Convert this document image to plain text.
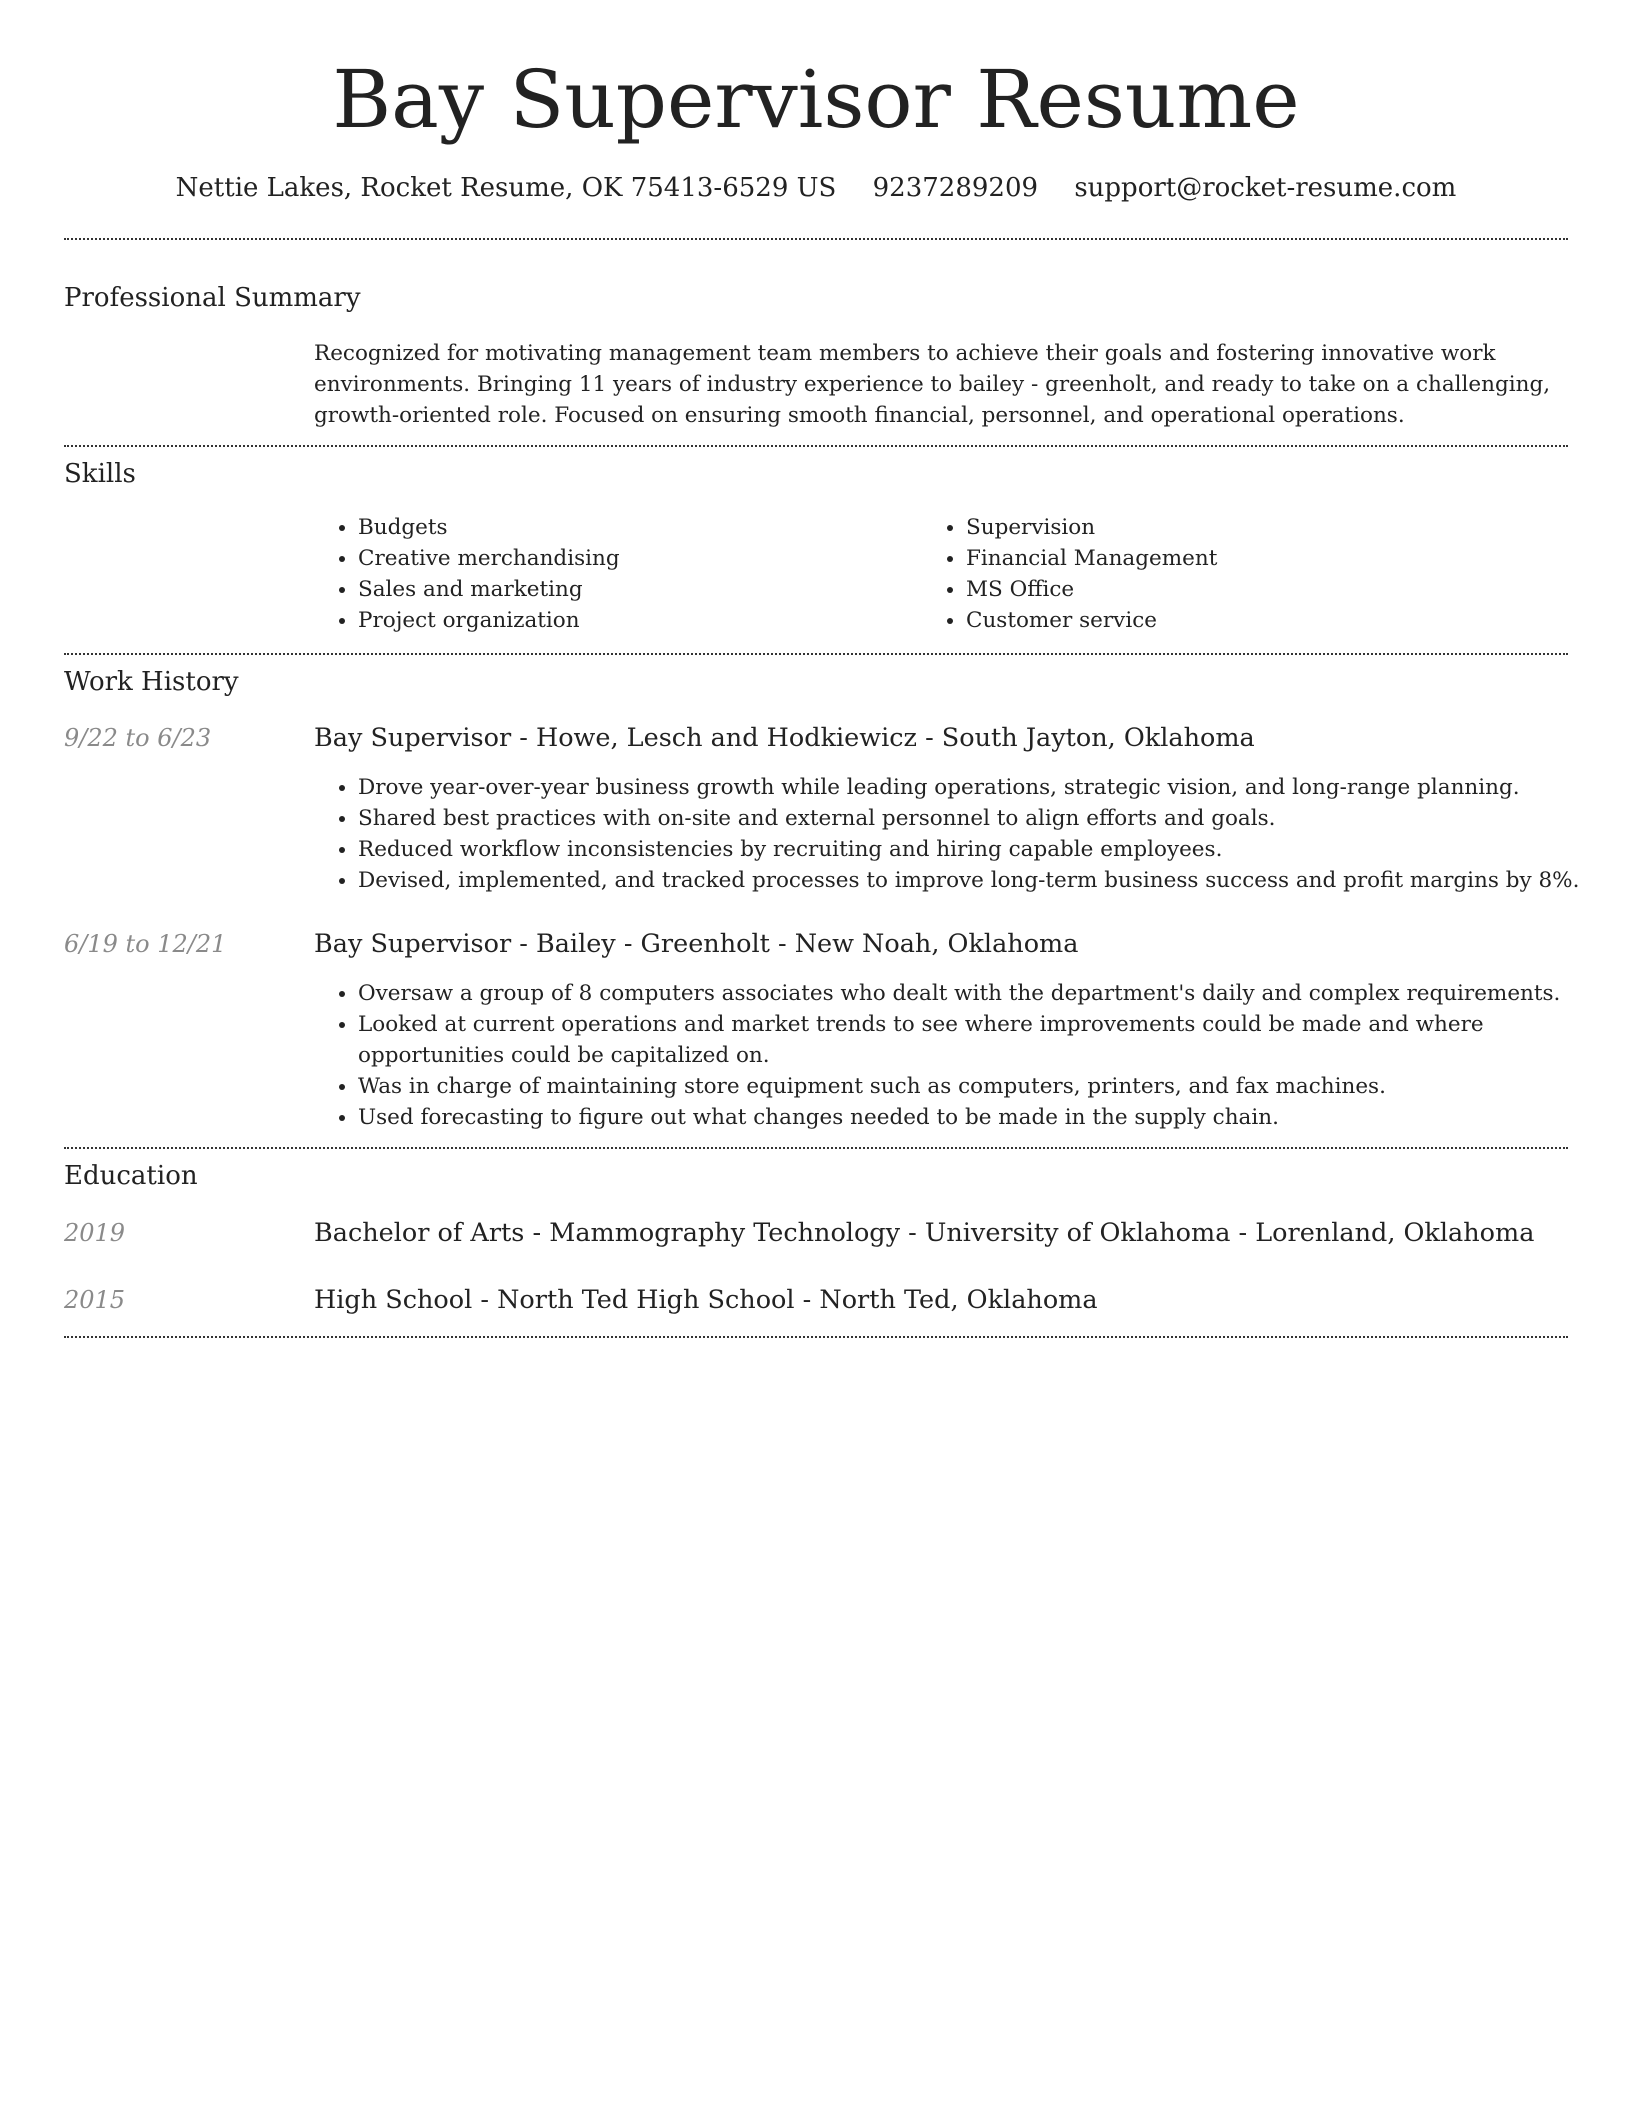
Bay Supervisor Resume
Nettie Lakes, Rocket Resume, OK 75413-6529 US 9237289209 support@rocket-resume.com
Professional Summary
Recognized for motivating management team members to achieve their goals and fostering innovative work environments. Bringing 11 years of industry experience to bailey - greenholt, and ready to take on a challenging, growth-oriented role. Focused on ensuring smooth financial, personnel, and operational operations.
Skills
• Budgets
• Creative merchandising
• Sales and marketing
• Project organization
• Supervision
• Financial Management
• MS Office
• Customer service
Work History
9/22 to 6/23	Bay Supervisor - Howe, Lesch and Hodkiewicz - South Jayton, Oklahoma
• Drove year-over-year business growth while leading operations, strategic vision, and long-range planning.
• Shared best practices with on-site and external personnel to align efforts and goals.
• Reduced workflow inconsistencies by recruiting and hiring capable employees.
• Devised, implemented, and tracked processes to improve long-term business success and profit margins by 8%.
6/19 to 12/21	Bay Supervisor - Bailey - Greenholt - New Noah, Oklahoma
• Oversaw a group of 8 computers associates who dealt with the department's daily and complex requirements.
• Looked at current operations and market trends to see where improvements could be made and where opportunities could be capitalized on.
• Was in charge of maintaining store equipment such as computers, printers, and fax machines.
• Used forecasting to figure out what changes needed to be made in the supply chain.
Education
2019	Bachelor of Arts - Mammography Technology - University of Oklahoma - Lorenland, Oklahoma
2015	High School - North Ted High School - North Ted, Oklahoma
